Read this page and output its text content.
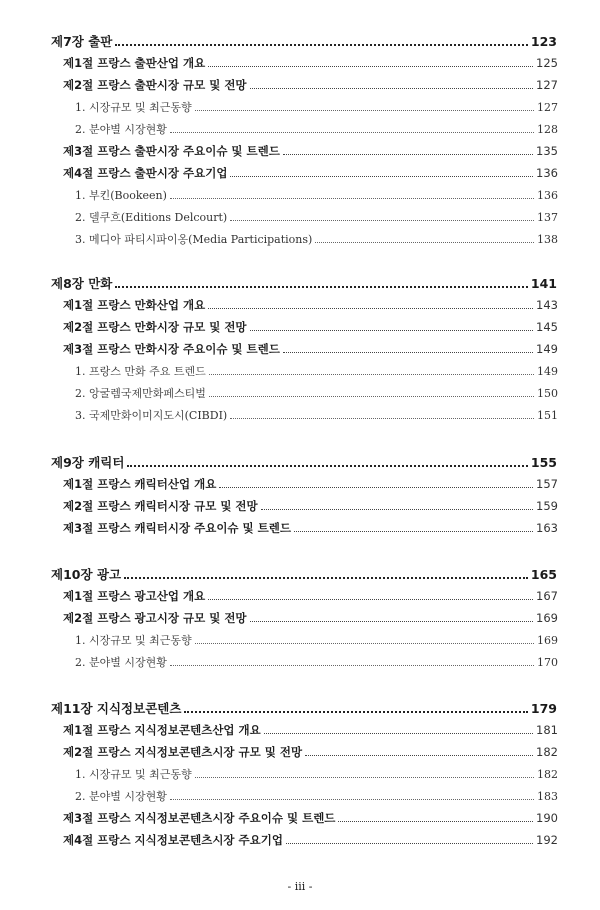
제7장 출판	123
제1절 프랑스 출판산업 개요	125
제2절 프랑스 출판시장 규모 및 전망	127
1. 시장규모 및 최근동향	127
2. 분야별 시장현황	128
제3절 프랑스 출판시장 주요이슈 및 트렌드	135
제4절 프랑스 출판시장 주요기업	136
1. 부킨(Bookeen)	136
2. 델쿠흐(Editions Delcourt)	137
3. 메디아 파티시파이옹(Media Participations)	138
제8장 만화	141
제1절 프랑스 만화산업 개요	143
제2절 프랑스 만화시장 규모 및 전망	145
제3절 프랑스 만화시장 주요이슈 및 트렌드	149
1. 프랑스 만화 주요 트렌드	149
2. 앙굴렘국제만화페스티벌	150
3. 국제만화이미지도시(CIBDI)	151
제9장 캐릭터	155
제1절 프랑스 캐릭터산업 개요	157
제2절 프랑스 캐릭터시장 규모 및 전망	159
제3절 프랑스 캐릭터시장 주요이슈 및 트렌드	163
제10장 광고	165
제1절 프랑스 광고산업 개요	167
제2절 프랑스 광고시장 규모 및 전망	169
1. 시장규모 및 최근동향	169
2. 분야별 시장현황	170
제11장 지식정보콘텐츠	179
제1절 프랑스 지식정보콘텐츠산업 개요	181
제2절 프랑스 지식정보콘텐츠시장 규모 및 전망	182
1. 시장규모 및 최근동향	182
2. 분야별 시장현황	183
제3절 프랑스 지식정보콘텐츠시장 주요이슈 및 트렌드	190
제4절 프랑스 지식정보콘텐츠시장 주요기업	192
- iii -
